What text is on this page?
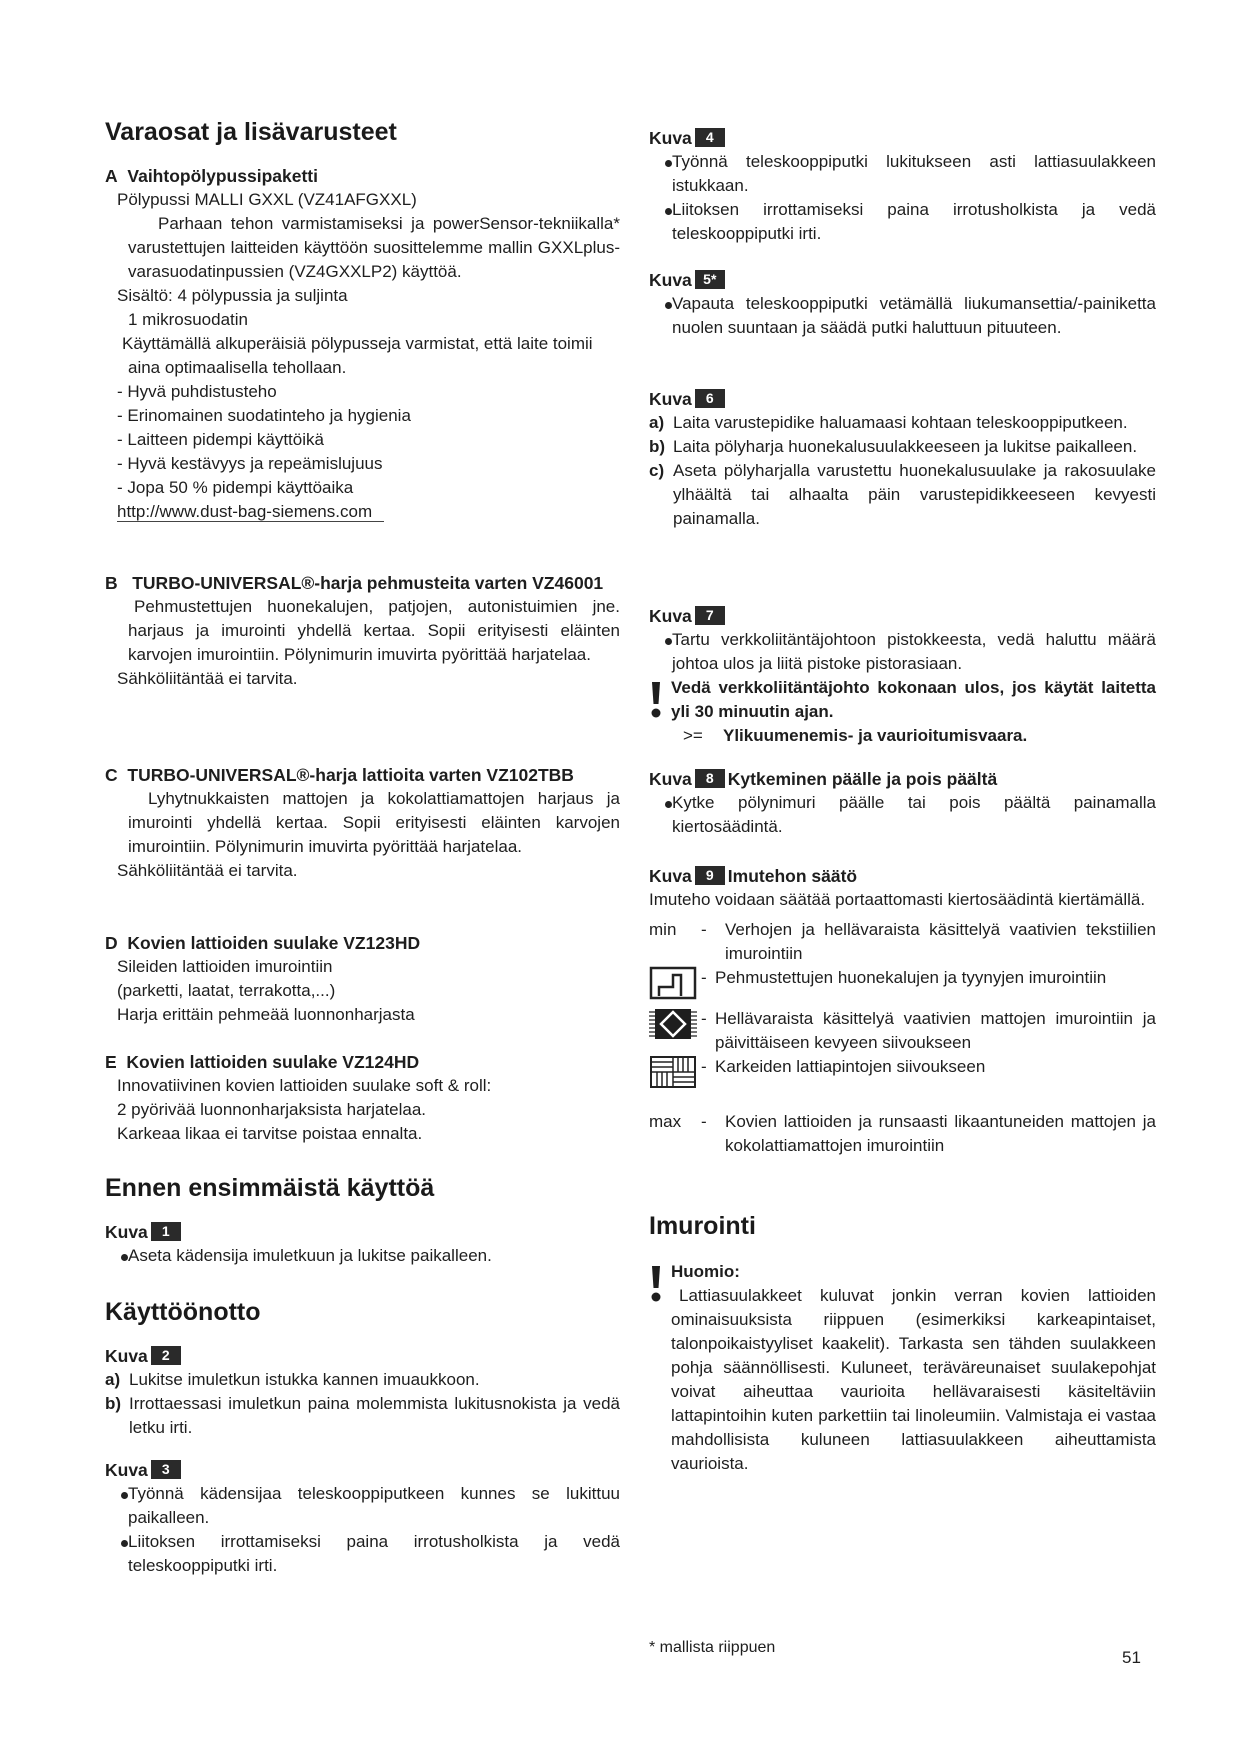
Varaosat ja lisävarusteet
A Vaihtopölypussipaketti
Pölypussi MALLI GXXL (VZ41AFGXXL)
Parhaan tehon varmistamiseksi ja powerSensor-tekniikalla* varustettujen laitteiden käyttöön suosittelemme mallin GXXLplus-varasuodatinpussien (VZ4GXXLP2) käyttöä.
Sisältö: 4 pölypussia ja suljinta
1 mikrosuodatin
Käyttämällä alkuperäisiä pölypusseja varmistat, että laite toimii aina optimaalisella tehollaan.
- Hyvä puhdistusteho
- Erinomainen suodatinteho ja hygienia
- Laitteen pidempi käyttöikä
- Hyvä kestävyys ja repeämislujuus
- Jopa 50 % pidempi käyttöaika
http://www.dust-bag-siemens.com
B TURBO-UNIVERSAL®-harja pehmusteita varten VZ46001
Pehmustettujen huonekalujen, patjojen, autonistuimien jne. harjaus ja imurointi yhdellä kertaa. Sopii erityisesti eläinten karvojen imurointiin. Pölynimurin imuvirta pyörittää harjatelaa.
Sähköliitäntää ei tarvita.
C TURBO-UNIVERSAL®-harja lattioita varten VZ102TBB
Lyhytnukkaisten mattojen ja kokolattiamattojen harjaus ja imurointi yhdellä kertaa. Sopii erityisesti eläinten karvojen imurointiin. Pölynimurin imuvirta pyörittää harjatelaa.
Sähköliitäntää ei tarvita.
D Kovien lattioiden suulake VZ123HD
Sileiden lattioiden imurointiin
(parketti, laatat, terrakotta,...)
Harja erittäin pehmeää luonnonharjasta
E Kovien lattioiden suulake VZ124HD
Innovatiivinen kovien lattioiden suulake soft & roll:
2 pyörivää luonnonharjaksista harjatelaa.
Karkeaa likaa ei tarvitse poistaa ennalta.
Ennen ensimmäistä käyttöä
Kuva	1
Aseta kädensija imuletkuun ja lukitse paikalleen.
Käyttöönotto
Kuva	2
a) Lukitse imuletkun istukka kannen imuaukkoon.
b) Irrottaessasi imuletkun paina molemmista lukitusnokista ja vedä letku irti.
Kuva	3
Työnnä kädensijaa teleskooppiputkeen kunnes se lukittuu paikalleen.
Liitoksen irrottamiseksi paina irrotusholkista ja vedä teleskooppiputki irti.
Kuva	4
Työnnä teleskooppiputki lukitukseen asti lattiasuulakkeen istukkaan.
Liitoksen irrottamiseksi paina irrotusholkista ja vedä teleskooppiputki irti.
Kuva 5*
Vapauta teleskooppiputki vetämällä liukumansettia/-painiketta nuolen suuntaan ja säädä putki haluttuun pituuteen.
Kuva	6
a) Laita varustepidike haluamaasi kohtaan teleskooppiputkeen.
b) Laita pölyharja huonekalusuulakkeeseen ja lukitse paikalleen.
c) Aseta pölyharjalla varustettu huonekalusuulake ja rakosuulake ylhäältä tai alhaalta päin varustepidikkeeseen kevyesti painamalla.
Kuva	7
Tartu verkkoliitäntäjohtoon pistokkeesta, vedä haluttu määrä johtoa ulos ja liitä pistoke pistorasiaan.
Vedä verkkoliitäntäjohto kokonaan ulos, jos käytät laitetta yli 30 minuutin ajan.
>= Ylikuumenemis- ja vaurioitumisvaara.
Kuva	8 Kytkeminen päälle ja pois päältä
Kytke pölynimuri päälle tai pois päältä painamalla kiertosäädintä.
Kuva	9 Imutehon säätö
Imuteho voidaan säätää portaattomasti kiertosäädintä kiertämällä.
min	-	Verhojen ja hellävaraista käsittelyä vaativien tekstiilien imurointiin
- Pehmustettujen huonekalujen ja tyynyjen imurointiin
- Hellävaraista käsittelyä vaativien mattojen imurointiin ja päivittäiseen kevyeen siivoukseen
- Karkeiden lattiapintojen siivoukseen
max	-	Kovien lattioiden ja runsaasti likaantuneiden mattojen ja kokolattiamattojen imurointiin
Imurointi
Huomio:
Lattiasuulakkeet kuluvat jonkin verran kovien lattioiden ominaisuuksista riippuen (esimerkiksi karkeapintaiset, talonpoikaistyyliset kaakelit). Tarkasta sen tähden suulakkeen pohja säännöllisesti. Kuluneet, teräväreunaiset suulakepohjat voivat aiheuttaa vaurioita hellävaraisesti käsiteltäviin lattapintoihin kuten parkettiin tai linoleumiin. Valmistaja ei vastaa mahdollisista kuluneen lattiasuulakkeen aiheuttamista vaurioista.
* mallista riippuen
51
